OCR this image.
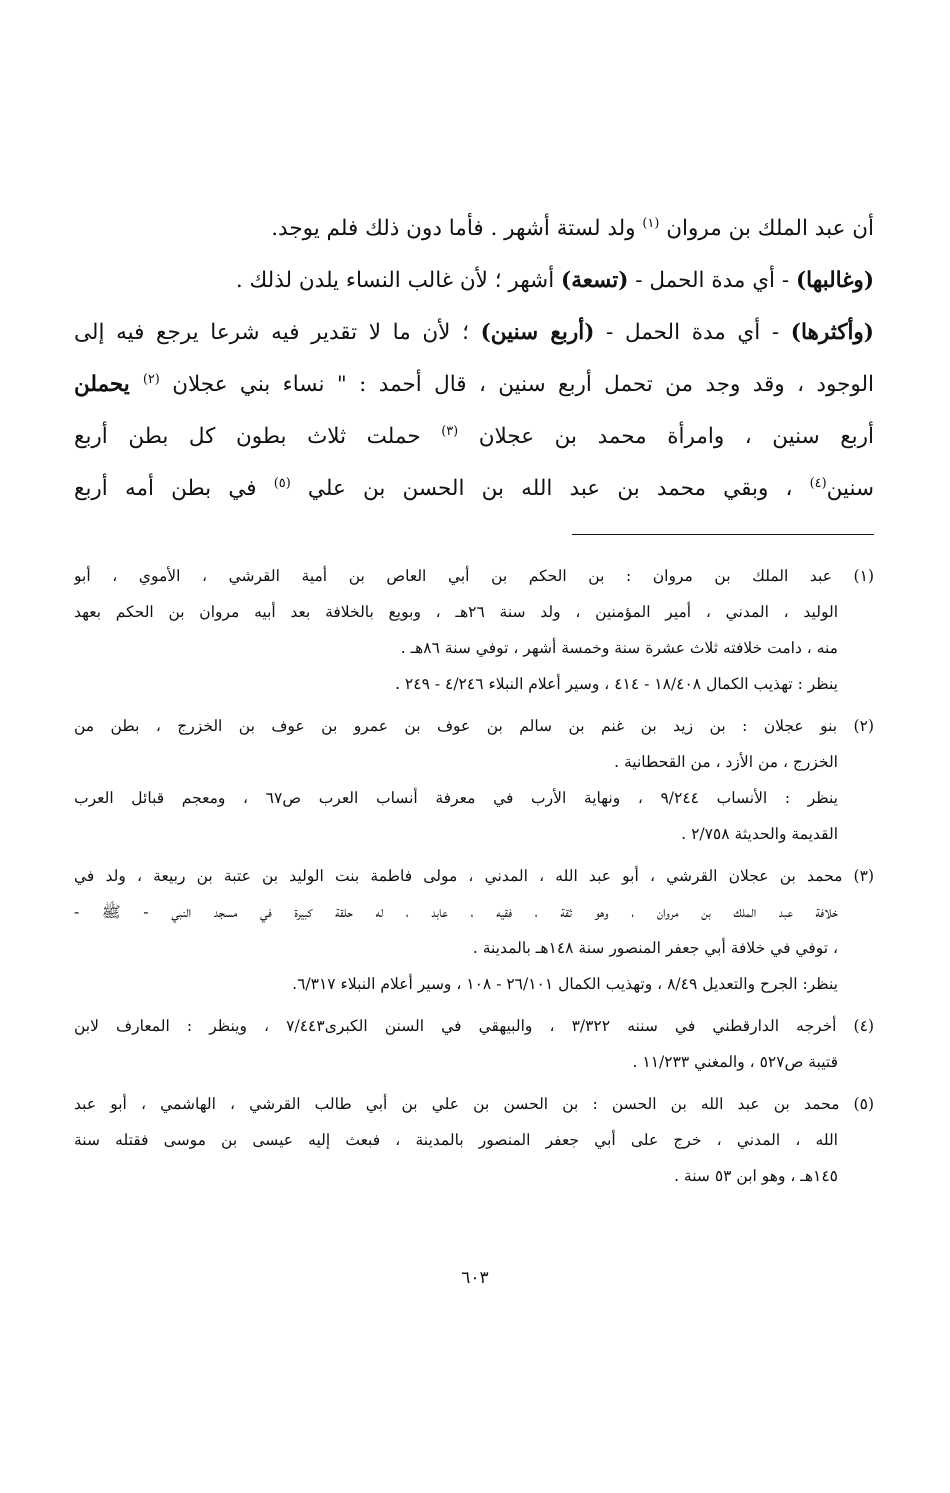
أن عبد الملك بن مروان $^{(١)}$ ولد لستة أشهر . فأما دون ذلك فلم يوجد.

(وغالبها) - أي مدة الحمل - (تسعة) أشهر ؛ لأن غالب النساء يلدن لذلك .

(وأكثرها) - أي مدة الحمل - (أربع سنين) ؛ لأن ما لا تقدير فيه شرعا يرجع فيه إلى

الوجود ، وقد وجد من تحمل أربع سنين ، قال أحمد : " نساء بني عجلان $^{(٢)}$ يحملن

أربع سنين ، وامرأة محمد بن عجلان $^{(٣)}$ حملت ثلاث بطون كل بطن أربع

سنين$^{(٤)}$ ، وبقي محمد بن عبد الله بن الحسن بن علي $^{(٥)}$ في بطن أمه أربع

(١) عبد الملك بن مروان : بن الحكم بن أبي العاص بن أمية القرشي ، الأموي ، أبو
الوليد ، المدني ، أمير المؤمنين ، ولد سنة ٢٦هـ ، وبويع بالخلافة بعد أبيه مروان بن الحكم بعهد
منه ، دامت خلافته ثلاث عشرة سنة وخمسة أشهر ، توفي سنة ٨٦هـ .
ينظر : تهذيب الكمال ١٨/٤٠٨ - ٤١٤ ، وسير أعلام النبلاء ٤/٢٤٦ - ٢٤٩ .
(٢) بنو عجلان : بن زيد بن غنم بن سالم بن عوف بن عمرو بن عوف بن الخزرج ، بطن من
الخزرج ، من الأزد ، من القحطانية .
ينظر : الأنساب ٩/٢٤٤ ، ونهاية الأرب في معرفة أنساب العرب ص٦٧ ، ومعجم قبائل العرب
القديمة والحديثة ٢/٧٥٨ .
(٣) محمد بن عجلان القرشي ، أبو عبد الله ، المدني ، مولى فاطمة بنت الوليد بن عتبة بن ربيعة ، ولد في
خلافة عبد الملك بن مروان ، وهو ثقة ، فقيه ، عابد ، له حلقة كبيرة في مسجد النبي - ﷺ -
، توفي في خلافة أبي جعفر المنصور سنة ١٤٨هـ بالمدينة .
ينظر: الجرح والتعديل ٨/٤٩ ، وتهذيب الكمال ٢٦/١٠١ - ١٠٨ ، وسير أعلام النبلاء ٦/٣١٧.
(٤) أخرجه الدارقطني في سننه ٣/٣٢٢ ، والبيهقي في السنن الكبرى٧/٤٤٣ ، وينظر : المعارف لابن
قتيبة ص٥٢٧ ، والمغني ١١/٢٣٣ .
(٥) محمد بن عبد الله بن الحسن : بن الحسن بن علي بن أبي طالب القرشي ، الهاشمي ، أبو عبد
الله ، المدني ، خرج على أبي جعفر المنصور بالمدينة ، فبعث إليه عيسى بن موسى فقتله سنة
١٤٥هـ ، وهو ابن ٥٣ سنة .
٦٠٣
